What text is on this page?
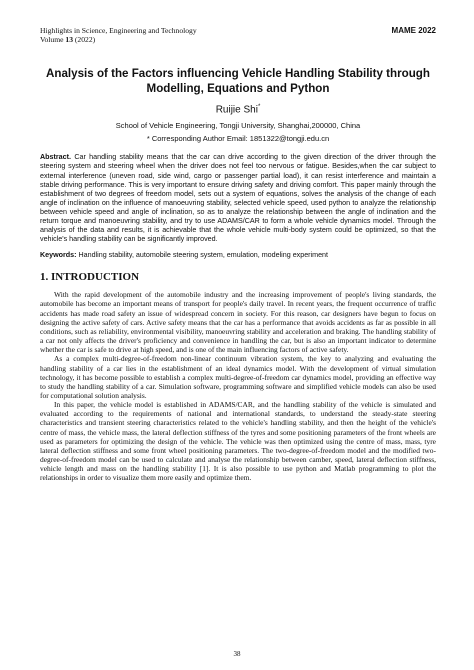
Highlights in Science, Engineering and Technology
Volume 13 (2022)
MAME 2022
Analysis of the Factors influencing Vehicle Handling Stability through Modelling, Equations and Python
Ruijie Shi*
School of Vehicle Engineering, Tongji University, Shanghai,200000, China
* Corresponding Author Email: 1851322@tongji.edu.cn
Abstract. Car handling stability means that the car can drive according to the given direction of the driver through the steering system and steering wheel when the driver does not feel too nervous or fatigue. Besides,when the car subject to external interference (uneven road, side wind, cargo or passenger partial load), it can resist interference and maintain a stable driving performance. This is very important to ensure driving safety and driving comfort. This paper mainly through the establishment of two degrees of freedom model, sets out a system of equations, solves the analysis of the change of each angle of inclination on the influence of manoeuvring stability, selected vehicle speed, used python to analyze the relationship between vehicle speed and angle of inclination, so as to analyze the relationship between the angle of inclination and the return torque and manoeuvring stability, and try to use ADAMS/CAR to form a whole vehicle dynamics model. Through the analysis of the data and results, it is achievable that the whole vehicle multi-body system could be optimized, so that the vehicle's handling stability can be significantly improved.
Keywords: Handling stability, automobile steering system, emulation, modeling experiment
1. INTRODUCTION

With the rapid development of the automobile industry and the increasing improvement of people's living standards, the automobile has become an important means of transport for people's daily travel. In recent years, the frequent occurrence of traffic accidents has made road safety an issue of widespread concern in society. For this reason, car designers have begun to focus on designing the active safety of cars. Active safety means that the car has a performance that avoids accidents as far as possible in all conditions, such as reliability, environmental visibility, manoeuvring stability and acceleration and braking. The handling stability of a car not only affects the driver's proficiency and convenience in handling the car, but is also an important indicator to determine whether the car is safe to drive at high speed, and is one of the main influencing factors of active safety.

As a complex multi-degree-of-freedom non-linear continuum vibration system, the key to analyzing and evaluating the handling stability of a car lies in the establishment of an ideal dynamics model. With the development of virtual simulation technology, it has become possible to establish a complex multi-degree-of-freedom car dynamics model, providing an effective way to study the handling stability of a car. Simulation software, programming software and simplified vehicle models can also be used for computational solution analysis.

In this paper, the vehicle model is established in ADAMS/CAR, and the handling stability of the vehicle is simulated and evaluated according to the requirements of national and international standards, to understand the steady-state steering characteristics and transient steering characteristics related to the vehicle's handling stability, and then the height of the vehicle's centre of mass, the vehicle mass, the lateral deflection stiffness of the tyres and some positioning parameters of the front wheels are used as parameters for optimizing the design of the vehicle. The vehicle was then optimized using the centre of mass, mass, tyre lateral deflection stiffness and some front wheel positioning parameters. The two-degree-of-freedom model and the modified two-degree-of-freedom model can be used to calculate and analyse the relationship between camber, speed, lateral deflection stiffness, vehicle length and mass on the handling stability [1]. It is also possible to use python and Matlab programming to plot the relationships in order to visualize them more easily and optimize them.

38
